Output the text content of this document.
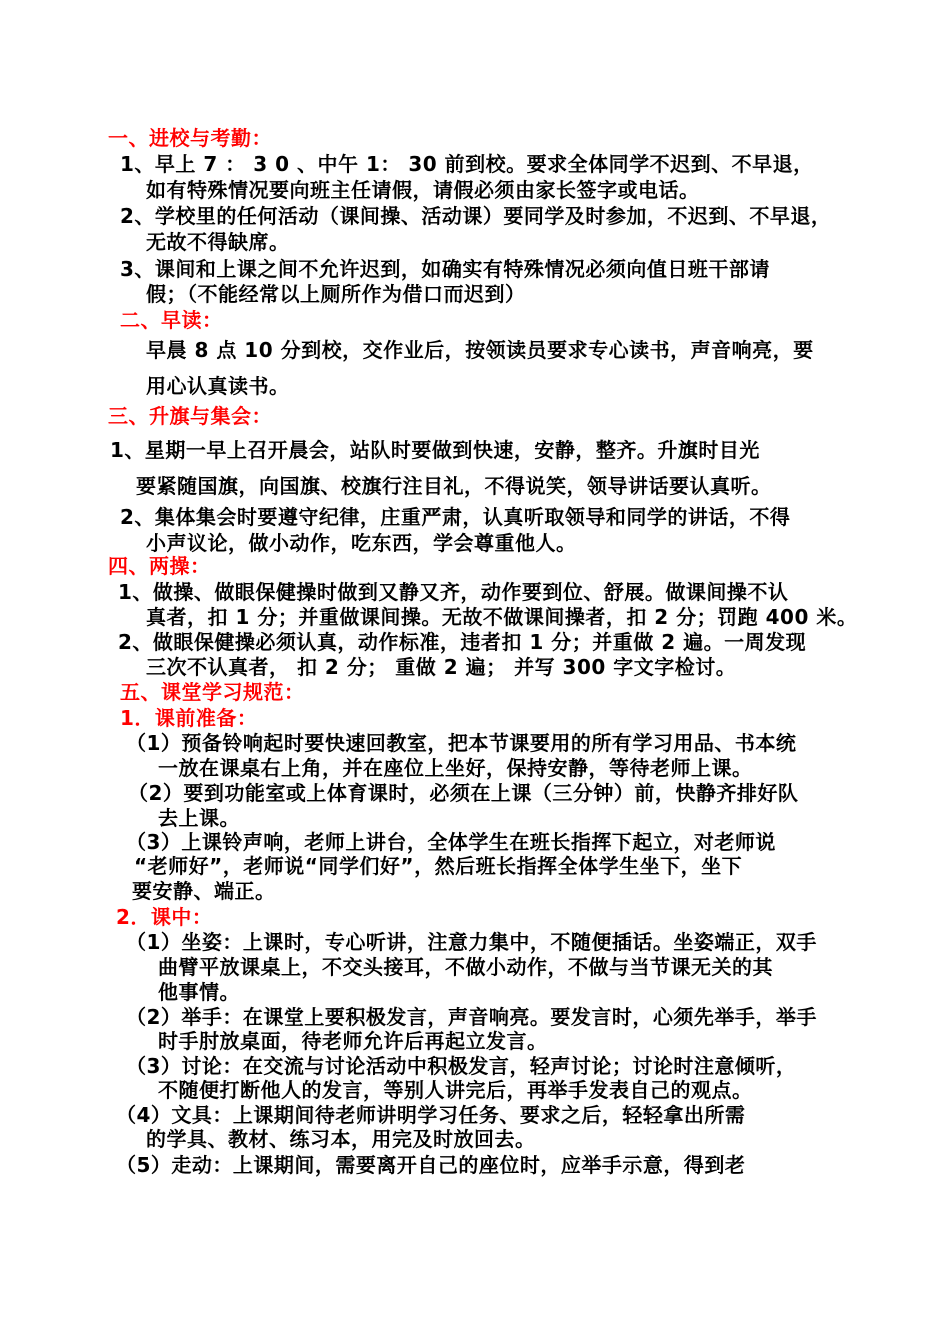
一、进校与考勤：
1、早上 7 ： 3 0 、中午 1： 30 前到校。要求全体同学不迟到、不早退，
如有特殊情况要向班主任请假，请假必须由家长签字或电话。
2、学校里的任何活动（课间操、活动课）要同学及时参加，不迟到、不早退，
无故不得缺席。
3、课间和上课之间不允许迟到，如确实有特殊情况必须向值日班干部请
假；（不能经常以上厕所作为借口而迟到）
二、早读：
早晨 8 点 10 分到校，交作业后，按领读员要求专心读书，声音响亮，要
用心认真读书。
三、升旗与集会：
1、星期一早上召开晨会，站队时要做到快速，安静，整齐。升旗时目光
要紧随国旗，向国旗、校旗行注目礼，不得说笑，领导讲话要认真听。
2、集体集会时要遵守纪律，庄重严肃，认真听取领导和同学的讲话，不得
小声议论，做小动作，吃东西，学会尊重他人。
四、两操：
1、做操、做眼保健操时做到又静又齐，动作要到位、舒展。做课间操不认
真者，扣 1 分；并重做课间操。无故不做课间操者，扣 2 分；罚跑 400 米。
2、做眼保健操必须认真，动作标准，违者扣 1 分；并重做 2 遍。一周发现
三次不认真者， 扣 2 分； 重做 2 遍； 并写 300 字文字检讨。
五、课堂学习规范：
1．课前准备：
（1）预备铃响起时要快速回教室，把本节课要用的所有学习用品、书本统
一放在课桌右上角，并在座位上坐好，保持安静，等待老师上课。
（2）要到功能室或上体育课时，必须在上课（三分钟）前，快静齐排好队
去上课。
（3）上课铃声响，老师上讲台，全体学生在班长指挥下起立，对老师说
“老师好”，老师说“同学们好”，然后班长指挥全体学生坐下，坐下
要安静、端正。
2．课中：
（1）坐姿：上课时，专心听讲，注意力集中，不随便插话。坐姿端正，双手
曲臂平放课桌上，不交头接耳，不做小动作，不做与当节课无关的其
他事情。
（2）举手：在课堂上要积极发言，声音响亮。要发言时，心须先举手，举手
时手肘放桌面，待老师允许后再起立发言。
（3）讨论：在交流与讨论活动中积极发言，轻声讨论；讨论时注意倾听，
不随便打断他人的发言，等别人讲完后，再举手发表自己的观点。
（4）文具：上课期间待老师讲明学习任务、要求之后，轻轻拿出所需
的学具、教材、练习本，用完及时放回去。
（5）走动：上课期间，需要离开自己的座位时，应举手示意，得到老
